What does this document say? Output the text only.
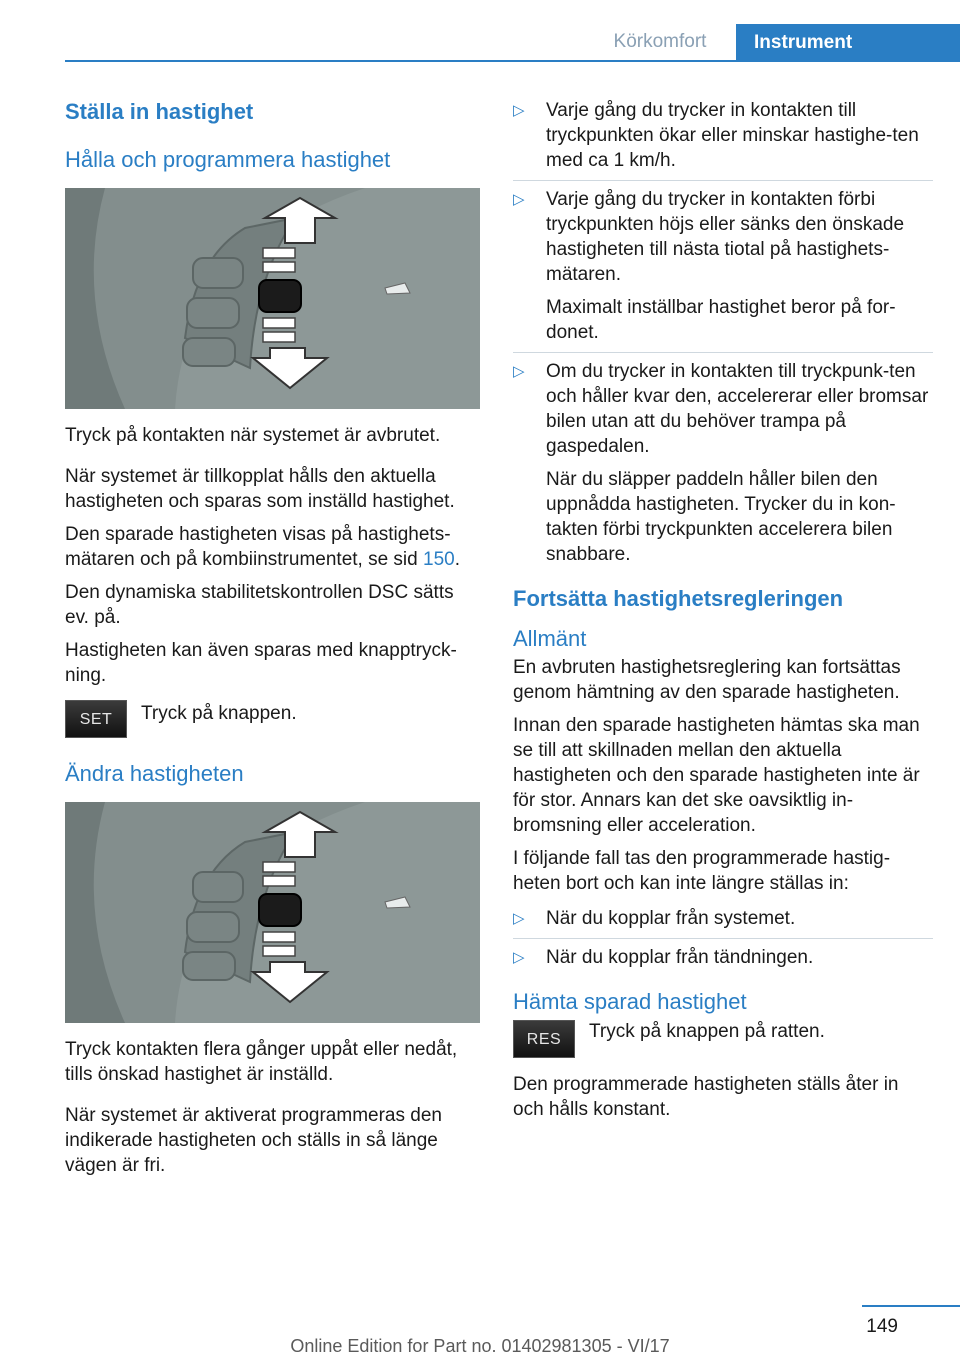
Körkomfort	Instrument
Ställa in hastighet
Hålla och programmera hastighet
Tryck på kontakten när systemet är avbrutet.
När systemet är tillkopplat hålls den aktuella hastigheten och sparas som inställd hastighet.
Den sparade hastigheten visas på hastighets-mätaren och på kombiinstrumentet, se sid 150.
Den dynamiska stabilitetskontrollen DSC sätts ev. på.
Hastigheten kan även sparas med knapptryck-ning.
SET	Tryck på knappen.
Ändra hastigheten
Tryck kontakten flera gånger uppåt eller nedåt, tills önskad hastighet är inställd.
När systemet är aktiverat programmeras den indikerade hastigheten och ställs in så länge vägen är fri.
▷ Varje gång du trycker in kontakten till tryckpunkten ökar eller minskar hastighe-ten med ca 1 km/h.
▷ Varje gång du trycker in kontakten förbi tryckpunkten höjs eller sänks den önskade hastigheten till nästa tiotal på hastighets-mätaren.
Maximalt inställbar hastighet beror på for-donet.
▷ Om du trycker in kontakten till tryckpunk-ten och håller kvar den, accelererar eller bromsar bilen utan att du behöver trampa på gaspedalen.
När du släpper paddeln håller bilen den uppnådda hastigheten. Trycker du in kon-takten förbi tryckpunkten accelerera bilen snabbare.
Fortsätta hastighetsregleringen
Allmänt
En avbruten hastighetsreglering kan fortsättas genom hämtning av den sparade hastigheten.
Innan den sparade hastigheten hämtas ska man se till att skillnaden mellan den aktuella hastigheten och den sparade hastigheten inte är för stor. Annars kan det ske oavsiktlig in-bromsning eller acceleration.
I följande fall tas den programmerade hastig-heten bort och kan inte längre ställas in:
▷ När du kopplar från systemet.
▷ När du kopplar från tändningen.
Hämta sparad hastighet
RES	Tryck på knappen på ratten.
Den programmerade hastigheten ställs åter in och hålls konstant.
149
Online Edition for Part no. 01402981305 - VI/17
